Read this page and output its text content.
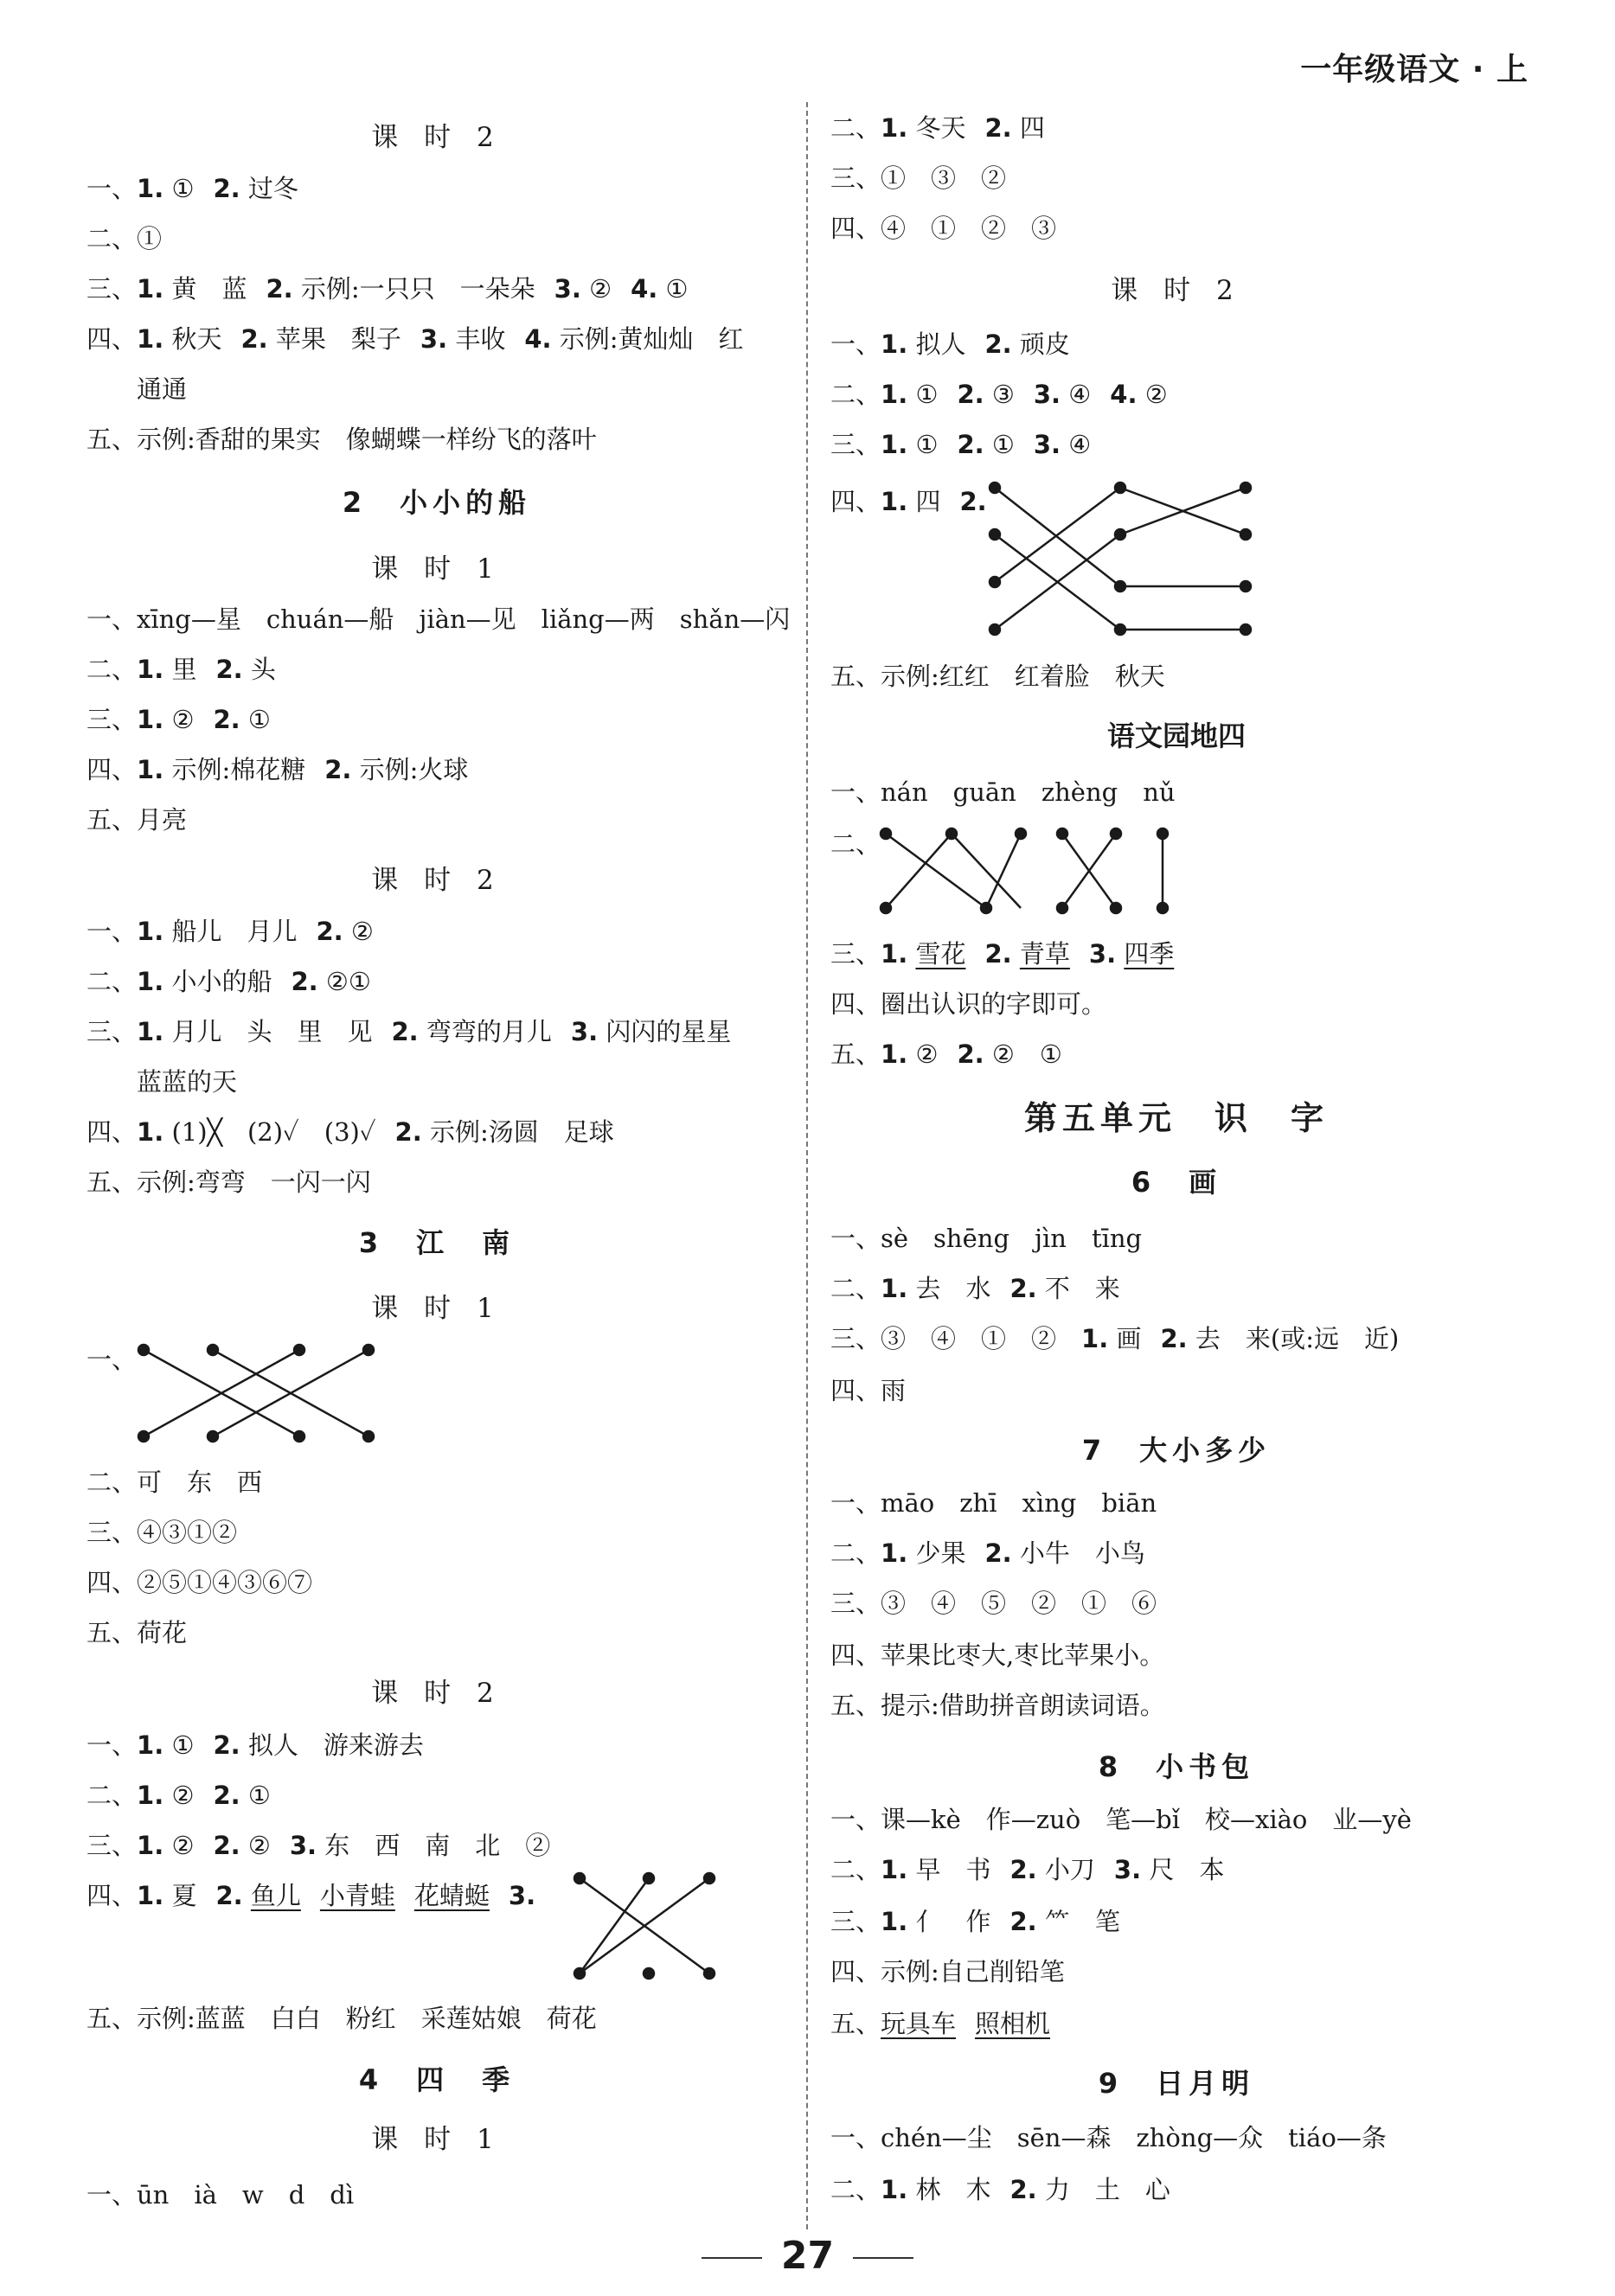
一年级语文 · 上
课 时 2
一、1. ① 2. 过冬
二、①
三、1. 黄　蓝 2. 示例:一只只　一朵朵 3. ② 4. ①
四、1. 秋天 2. 苹果　梨子 3. 丰收 4. 示例:黄灿灿　红
通通
五、示例:香甜的果实　像蝴蝶一样纷飞的落叶
2　小小的船
课 时 1
一、xīng—星　chuán—船　jiàn—见　liǎng—两　shǎn—闪
二、1. 里 2. 头
三、1. ② 2. ①
四、1. 示例:棉花糖 2. 示例:火球
五、月亮
课 时 2
一、1. 船儿　月儿 2. ②
二、1. 小小的船 2. ②①
三、1. 月儿　头　里　见 2. 弯弯的月儿 3. 闪闪的星星
蓝蓝的天
四、1. (1)╳　(2)✓　(3)✓ 2. 示例:汤圆　足球
五、示例:弯弯　一闪一闪
3　江　南
课 时 1
一、
二、可　东　西
三、④③①②
四、②⑤①④③⑥⑦
五、荷花
课 时 2
一、1. ① 2. 拟人　游来游去
二、1. ② 2. ①
三、1. ② 2. ② 3. 东　西　南　北　②
四、1. 夏 2. 鱼儿 小青蛙 花蜻蜓 3.
五、示例:蓝蓝　白白　粉红　采莲姑娘　荷花
4　四　季
课 时 1
一、ūn　ià　w　d　dì
二、1. 冬天 2. 四
三、①　③　②
四、④　①　②　③
课 时 2
一、1. 拟人 2. 顽皮
二、1. ① 2. ③ 3. ④ 4. ②
三、1. ① 2. ① 3. ④
四、1. 四 2.
五、示例:红红　红着脸　秋天
语文园地四
一、nán　guān　zhèng　nǔ
二、
三、1. 雪花 2. 青草 3. 四季
四、圈出认识的字即可。
五、1. ② 2. ②　①
第五单元　识　字
6　画
一、sè　shēng　jìn　tīng
二、1. 去　水 2. 不　来
三、③　④　①　②　1. 画 2. 去　来(或:远　近)
四、雨
7　大小多少
一、māo　zhī　xìng　biān
二、1. 少果 2. 小牛　小鸟
三、③　④　⑤　②　①　⑥
四、苹果比枣大,枣比苹果小。
五、提示:借助拼音朗读词语。
8　小书包
一、课—kè　作—zuò　笔—bǐ　校—xiào　业—yè
二、1. 早　书 2. 小刀 3. 尺　本
三、1. 亻　作 2. ⺮　笔
四、示例:自己削铅笔
五、玩具车 照相机
9　日月明
一、chén—尘　sēn—森　zhòng—众　tiáo—条
二、1. 林　木 2. 力　土　心
27
